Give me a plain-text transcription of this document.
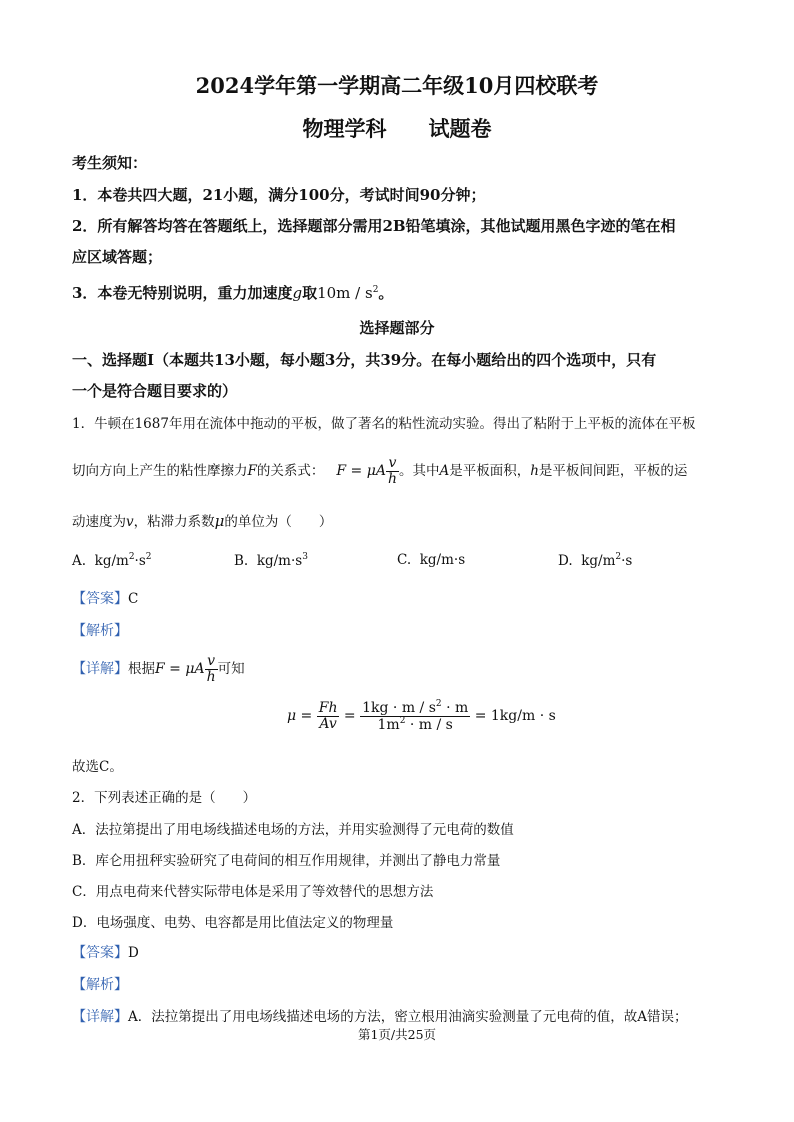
2024学年第一学期高二年级10月四校联考
物理学科 试题卷
考生须知：
1．本卷共四大题，21小题，满分100分，考试时间90分钟；
2．所有解答均答在答题纸上，选择题部分需用2B铅笔填涂，其他试题用黑色字迹的笔在相
应区域答题；
3．本卷无特别说明，重力加速度g取$10m / s^2$。
选择题部分
一、选择题Ⅰ（本题共13小题，每小题3分，共39分。在每小题给出的四个选项中，只有
一个是符合题目要求的）
1．牛顿在1687年用在流体中拖动的平板，做了著名的粘性流动实验。得出了粘附于上平板的流体在平板
切向方向上产生的粘性摩擦力F的关系式： F = μA $\frac{v}{h}$ 。其中A是平板面积，h是平板间间距，平板的运
动速度为v，粘滞力系数μ的单位为（　　）
A. $kg/m^2\cdot s^2$	B. $kg/m\cdot s^3$	C. kg/m·s	D. $kg/m^2\cdot s$
【答案】C
【解析】
【详解】根据F = μA $\frac{v}{h}$ 可知
$\mu = \frac{Fh}{Av} = \frac{1kg \cdot m / s^2 \cdot m}{1m^2 \cdot m / s} = 1kg/m \cdot s$
故选C。
2．下列表述正确的是（　　）
A．法拉第提出了用电场线描述电场的方法，并用实验测得了元电荷的数值
B．库仑用扭秤实验研究了电荷间的相互作用规律，并测出了静电力常量
C．用点电荷来代替实际带电体是采用了等效替代的思想方法
D．电场强度、电势、电容都是用比值法定义的物理量
【答案】D
【解析】
【详解】A．法拉第提出了用电场线描述电场的方法，密立根用油滴实验测量了元电荷的值，故A错误；
第1页/共25页
